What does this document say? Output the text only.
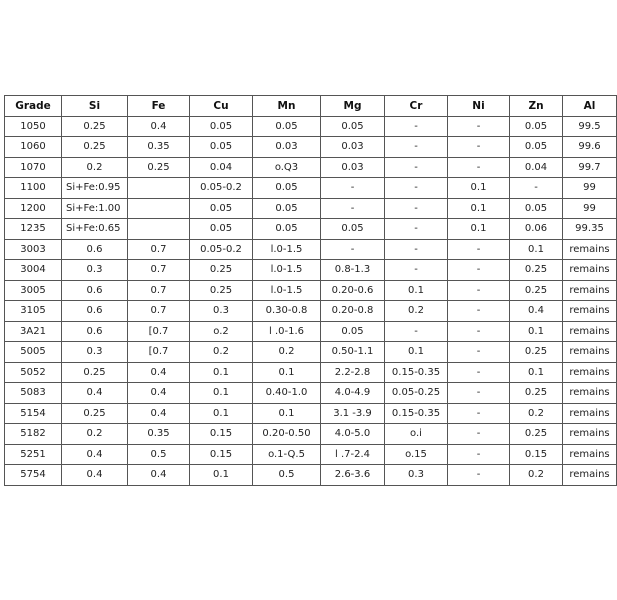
Grade	Si	Fe	Cu	Mn	Mg	Cr	Ni	Zn	Al
1050	0.25	0.4	0.05	0.05	0.05	-	-	0.05	99.5
1060	0.25	0.35	0.05	0.03	0.03	-	-	0.05	99.6
1070	0.2	0.25	0.04	o.Q3	0.03	-	-	0.04	99.7
1100	Si+Fe:0.95		0.05-0.2	0.05	-	-	0.1	-	99
1200	Si+Fe:1.00		0.05	0.05	-	-	0.1	0.05	99
1235	Si+Fe:0.65		0.05	0.05	0.05	-	0.1	0.06	99.35
3003	0.6	0.7	0.05-0.2	l.0-1.5	-	-	-	0.1	remains
3004	0.3	0.7	0.25	l.0-1.5	0.8-1.3	-	-	0.25	remains
3005	0.6	0.7	0.25	l.0-1.5	0.20-0.6	0.1	-	0.25	remains
3105	0.6	0.7	0.3	0.30-0.8	0.20-0.8	0.2	-	0.4	remains
3A21	0.6	[0.7	o.2	l .0-1.6	0.05	-	-	0.1	remains
5005	0.3	[0.7	0.2	0.2	0.50-1.1	0.1	-	0.25	remains
5052	0.25	0.4	0.1	0.1	2.2-2.8	0.15-0.35	-	0.1	remains
5083	0.4	0.4	0.1	0.40-1.0	4.0-4.9	0.05-0.25	-	0.25	remains
5154	0.25	0.4	0.1	0.1	3.1 -3.9	0.15-0.35	-	0.2	remains
5182	0.2	0.35	0.15	0.20-0.50	4.0-5.0	o.i	-	0.25	remains
5251	0.4	0.5	0.15	o.1-Q.5	l .7-2.4	o.15	-	0.15	remains
5754	0.4	0.4	0.1	0.5	2.6-3.6	0.3	-	0.2	remains
